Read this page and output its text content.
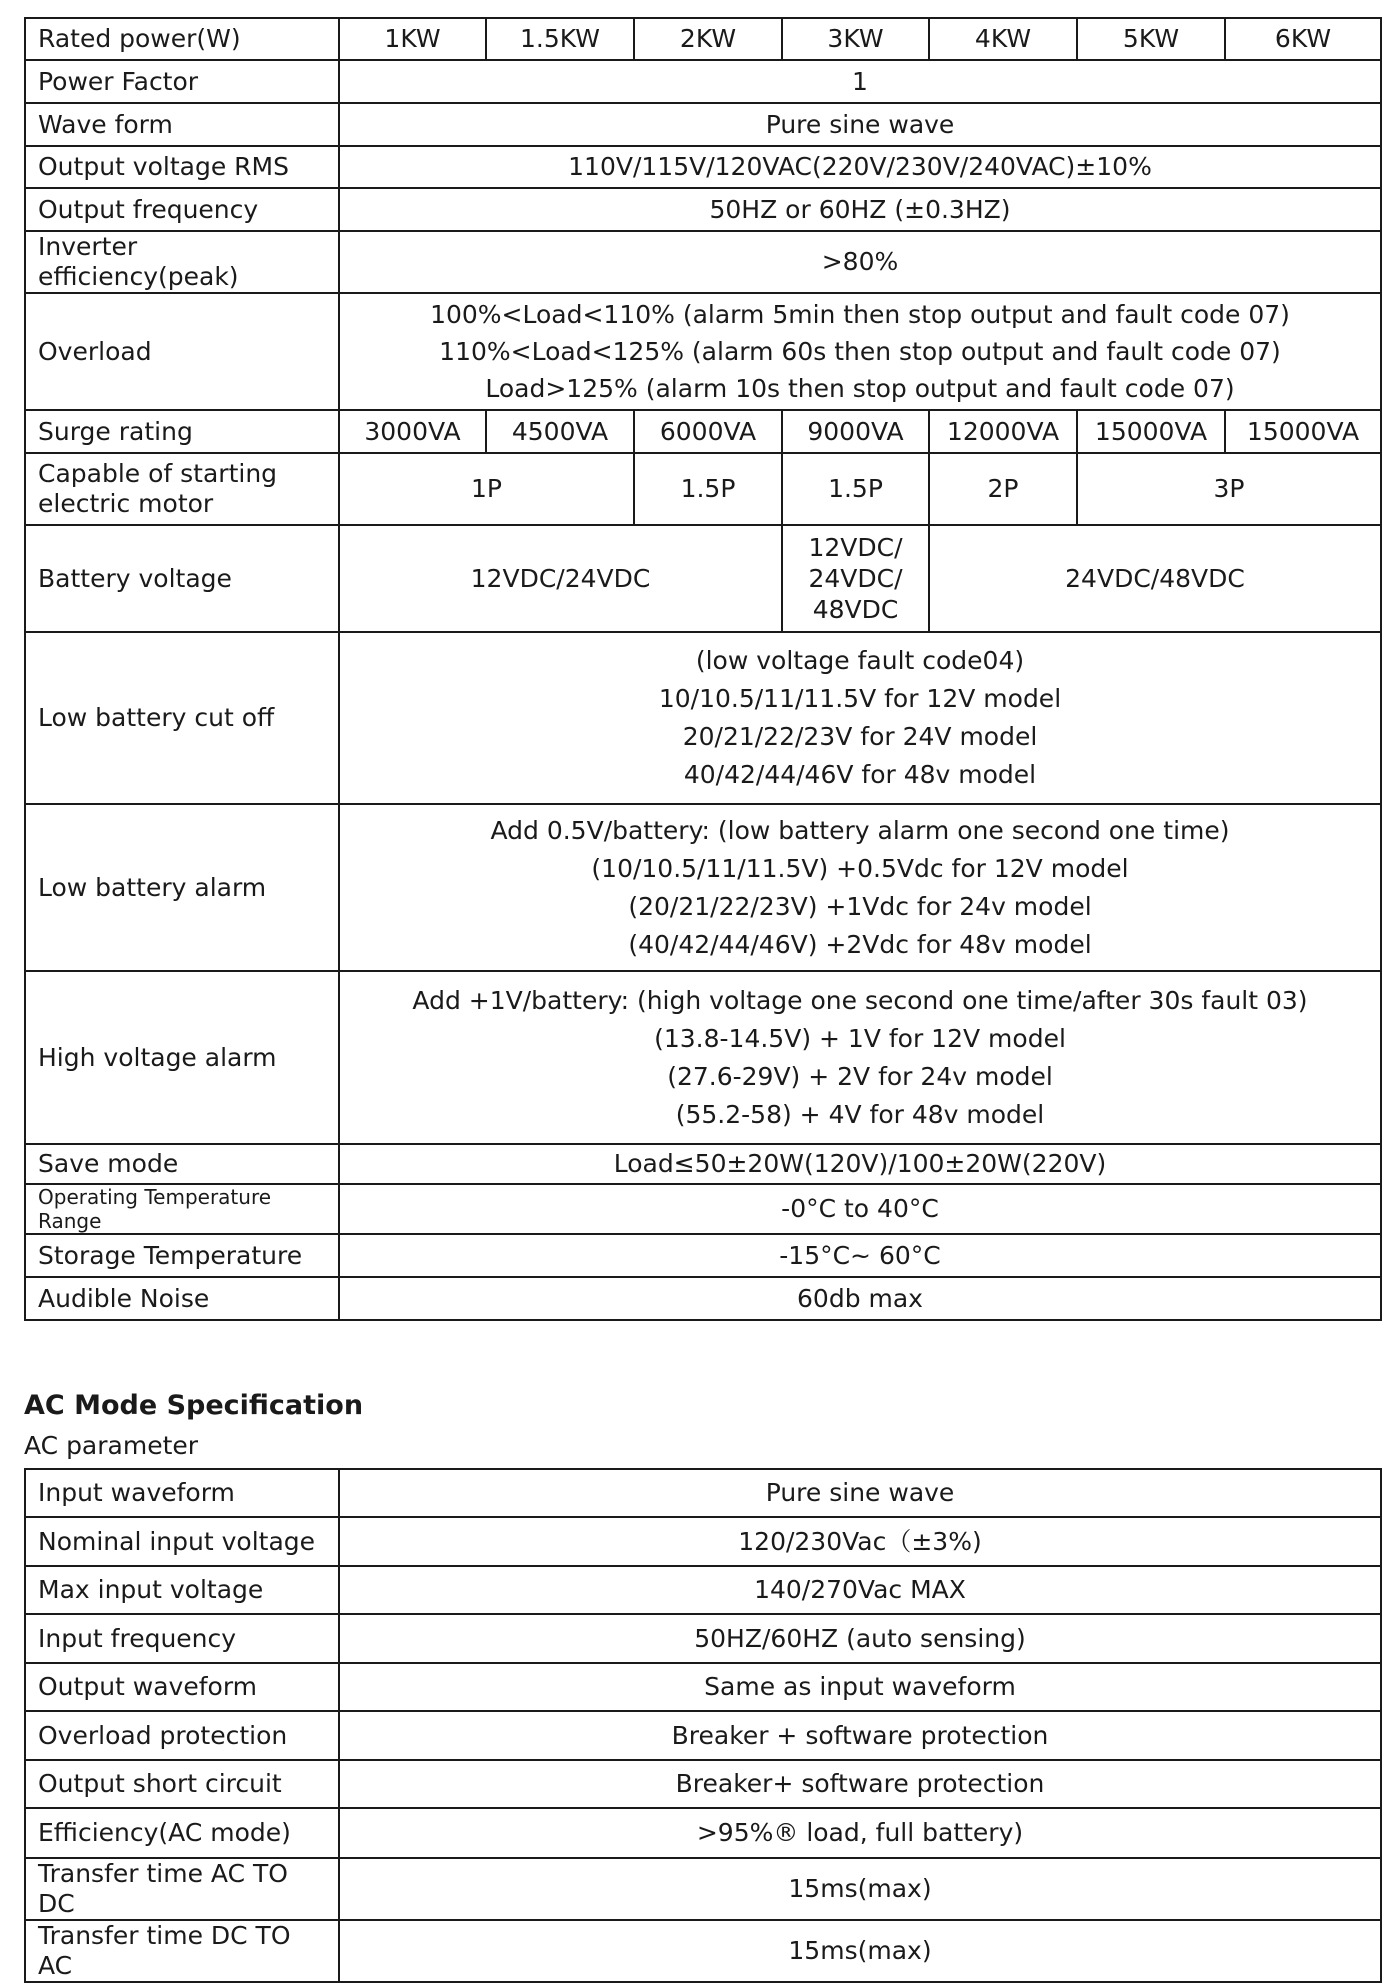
Rated power(W)	1KW	1.5KW	2KW	3KW	4KW	5KW	6KW
Power Factor	1						
Wave form	Pure sine wave						
Output voltage RMS	110V/115V/120VAC(220V/230V/240VAC)±10%						
Output frequency	50HZ or 60HZ (±0.3HZ)						
Inverter efficiency(peak)	>80%						
Overload	100%<Load<110% (alarm 5min then stop output and fault code 07)
110%<Load<125% (alarm 60s then stop output and fault code 07)
Load>125% (alarm 10s then stop output and fault code 07)						

Surge rating	3000VA	4500VA	6000VA	9000VA	12000VA	15000VA	15000VA

Capable of starting
electric motor	1P		1.5P	1.5P	2P	3P	
Battery voltage	12VDC/24VDC			12VDC/
24VDC/
48VDC	24VDC/48VDC		
Low battery cut off	(low voltage fault code04)
10/10.5/11/11.5V for 12V model
20/21/22/23V for 24V model
40/42/44/46V for 48v model						

Low battery alarm	Add 0.5V/battery: (low battery alarm one second one time)
(10/10.5/11/11.5V) +0.5Vdc for 12V model
(20/21/22/23V) +1Vdc for 24v model
(40/42/44/46V) +2Vdc for 48v model						

High voltage alarm	Add +1V/battery: (high voltage one second one time/after 30s fault 03)
(13.8-14.5V) + 1V for 12V model
(27.6-29V) + 2V for 24v model
(55.2-58) + 4V for 48v model						

Save mode	Load≤50±20W(120V)/100±20W(220V)						
Operating Temperature Range	-0°C to 40°C						
Storage Temperature	-15°C~ 60°C						
Audible Noise	60db max						
AC Mode Specification
AC parameter
Input waveform	Pure sine wave
Nominal input voltage	120/230Vac（±3%)
Max input voltage	140/270Vac MAX
Input frequency	50HZ/60HZ (auto sensing)
Output waveform	Same as input waveform
Overload protection	Breaker + software protection
Output short circuit	Breaker+ software protection
Efficiency(AC mode)	>95%® load, full battery)
Transfer time AC TO DC	15ms(max)
Transfer time DC TO AC	15ms(max)
